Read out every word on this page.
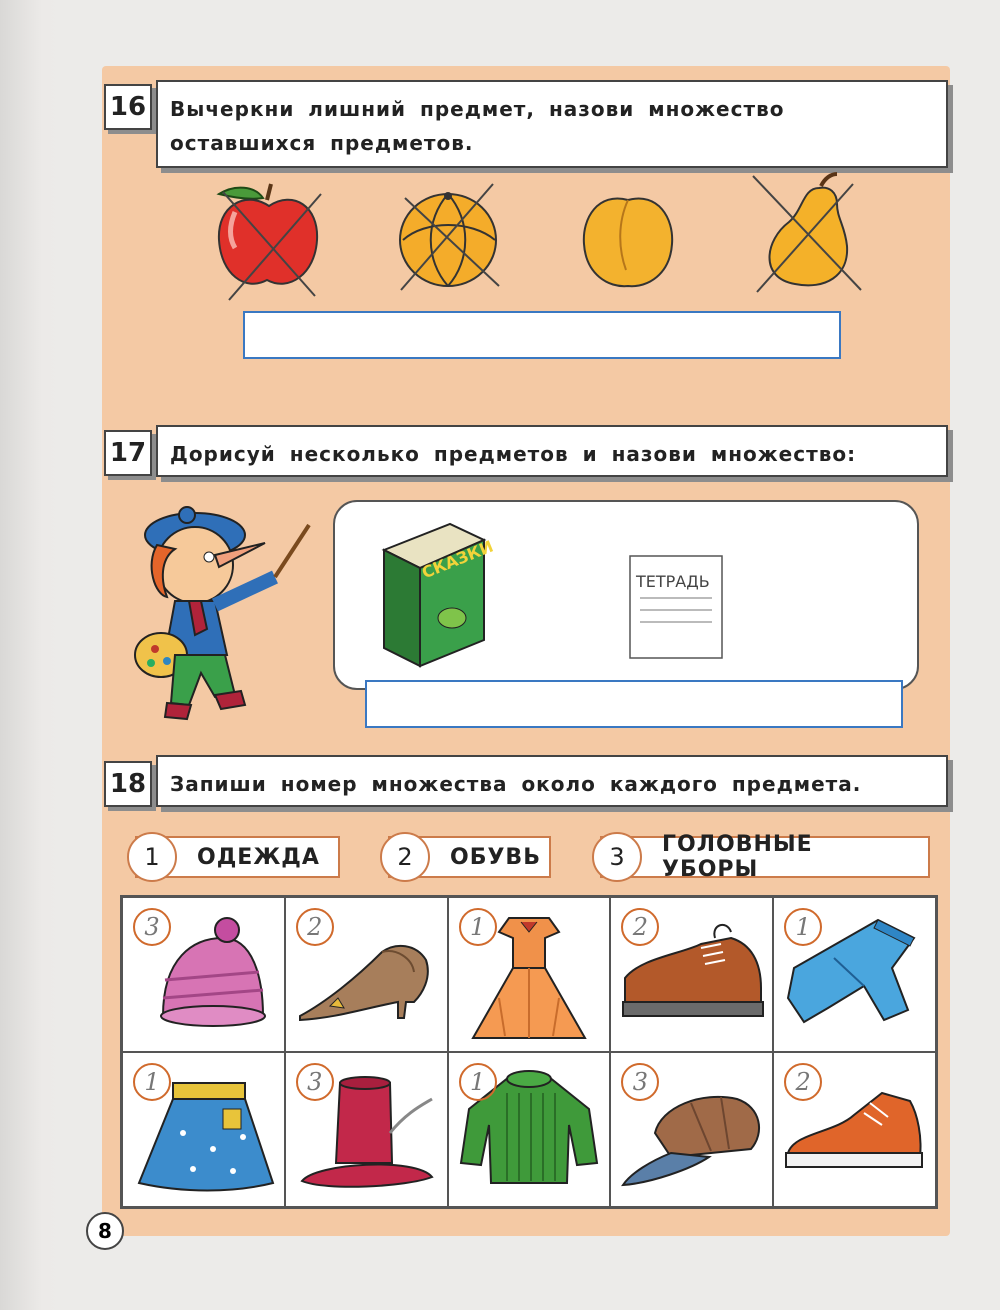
16	Вычеркни лишний предмет, назови множество оставшихся предметов.
17	Дорисуй несколько предметов и назови множество:
СКАЗКИ	ТЕТРАДЬ
18	Запиши номер множества около каждого предмета.
1	ОДЕЖДА	2	ОБУВЬ	3	ГОЛОВНЫЕ УБОРЫ
3	2	1	2	1
1	3	1	3	2
8
